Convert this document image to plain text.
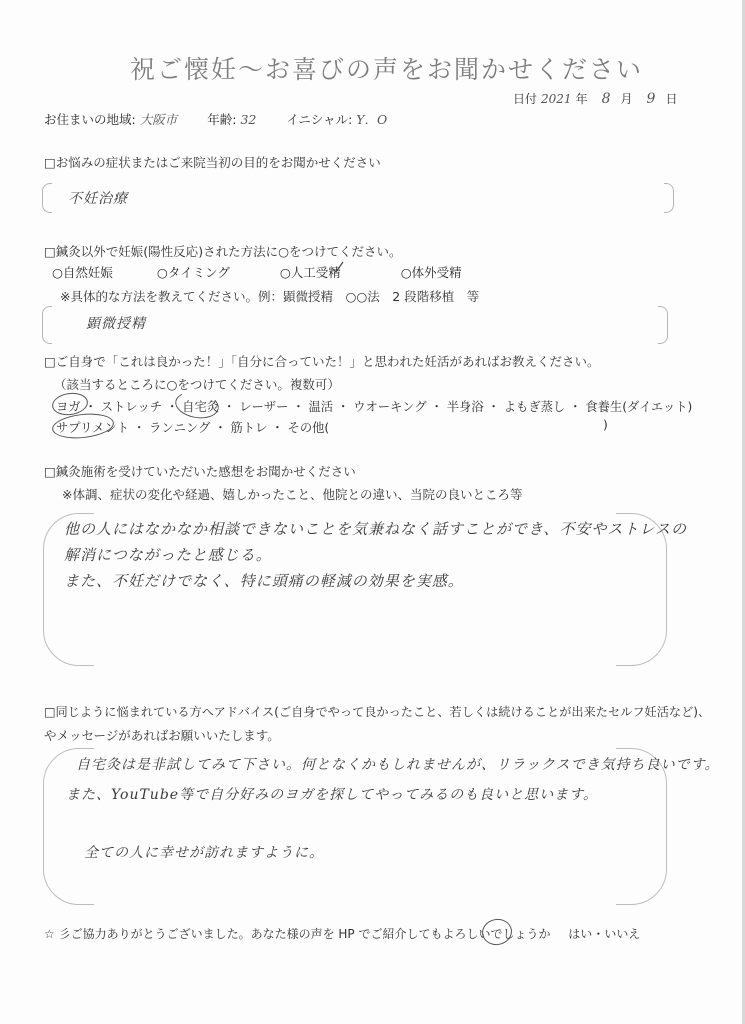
祝ご懐妊〜お喜びの声をお聞かせください
日付 2021 年 8 月 9 日
お住まいの地域: 大阪市 年齢: 32 イニシャル: Y．O
□お悩みの症状またはご来院当初の目的をお聞かせください
不妊治療
□鍼灸以外で妊娠(陽性反応)された方法に○をつけてください。
○自然妊娠	○タイミング	○人工受精	○体外受精
※具体的な方法を教えてください。例：顕微授精　○○法　2 段階移植　等
顕微授精
□ご自身で「これは良かった！」「自分に合っていた！」と思われた妊活があればお教えください。
（該当するところに○をつけてください。複数可）
ヨガ ・ ストレッチ ・ 自宅灸 ・ レーザー ・ 温活 ・ ウオーキング ・ 半身浴 ・ よもぎ蒸し ・ 食養生(ダイエット)
サプリメント ・ ランニング ・ 筋トレ ・ その他(	)
□鍼灸施術を受けていただいた感想をお聞かせください
※体調、症状の変化や経過、嬉しかったこと、他院との違い、当院の良いところ等
他の人にはなかなか相談できないことを気兼ねなく話すことができ、不安やストレスの
解消につながったと感じる。
また、不妊だけでなく、特に頭痛の軽減の効果を実感。
□同じように悩まれている方へアドバイス(ご自身でやって良かったこと、若しくは続けることが出来たセルフ妊活など)、
やメッセージがあればお願いいたします。
自宅灸は是非試してみて下さい。何となくかもしれませんが、リラックスでき気持ち良いです。
また、YouTube等で自分好みのヨガを探してやってみるのも良いと思います。
全ての人に幸せが訪れますように。
☆ 彡ご協力ありがとうございました。あなた様の声を HP でご紹介してもよろしいでしょうか はい・いいえ
